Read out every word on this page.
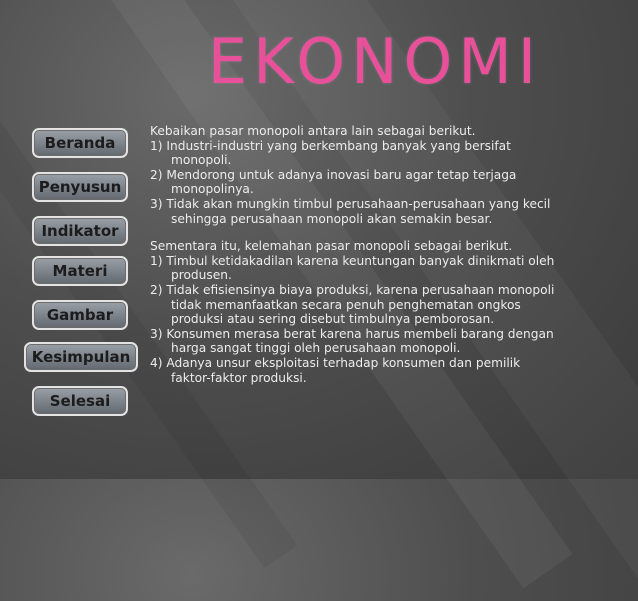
EKONOMI
Beranda
Penyusun
Indikator
Materi
Gambar
Kesimpulan
Selesai

Kebaikan pasar monopoli antara lain sebagai berikut.

1) Industri-industri yang berkembang banyak yang bersifat monopoli.

2) Mendorong untuk adanya inovasi baru agar tetap terjaga monopolinya.

3) Tidak akan mungkin timbul perusahaan-perusahaan yang kecil sehingga perusahaan monopoli akan semakin besar.

Sementara itu, kelemahan pasar monopoli sebagai berikut.

1) Timbul ketidakadilan karena keuntungan banyak dinikmati oleh produsen.

2) Tidak efisiensinya biaya produksi, karena perusahaan monopoli tidak memanfaatkan secara penuh penghematan ongkos produksi atau sering disebut timbulnya pemborosan.

3) Konsumen merasa berat karena harus membeli barang dengan harga sangat tinggi oleh perusahaan monopoli.

4) Adanya unsur eksploitasi terhadap konsumen dan pemilik faktor-faktor produksi.
